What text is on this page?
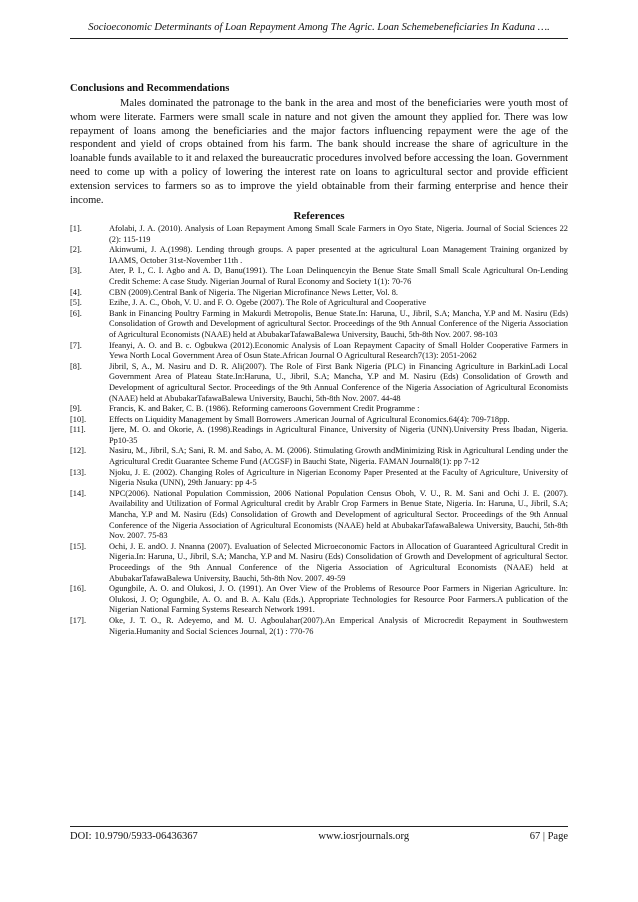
Socioeconomic Determinants of Loan Repayment Among The Agric. Loan Schemebeneficiaries In Kaduna ….
Conclusions and Recommendations

Males dominated the patronage to the bank in the area and most of the beneficiaries were youth most of whom were literate. Farmers were small scale in nature and not given the amount they applied for. There was low repayment of loans among the beneficiaries and the major factors influencing repayment were the age of the respondent and yield of crops obtained from his farm. The bank should increase the share of agriculture in the loanable funds available to it and relaxed the bureaucratic procedures involved before accessing the loan. Government need to come up with a policy of lowering the interest rate on loans to agricultural sector and provide efficient extension services to farmers so as to improve the yield obtainable from their farming enterprise and hence their income.

References
[1].	Afolabi, J. A. (2010). Analysis of Loan Repayment Among Small Scale Farmers in Oyo State, Nigeria. Journal of Social Sciences 22 (2): 115-119
[2].	Akinwumi, J. A.(1998). Lending through groups. A paper presented at the agricultural Loan Management Training organized by IAAMS, October 31st-November 11th .
[3].	Ater, P. I., C. I. Agbo and A. D, Banu(1991). The Loan Delinquencyin the Benue State Small Small Scale Agricultural On-Lending Credit Scheme: A case Study. Nigerian Journal of Rural Economy and Society 1(1): 70-76
[4].	CBN (2009).Central Bank of Nigeria. The Nigerian Microfinance News Letter, Vol. 8.
[5].	Ezihe, J. A. C., Oboh, V. U. and F. O. Ogebe (2007). The Role of Agricultural and Cooperative
[6].	Bank in Financing Poultry Farming in Makurdi Metropolis, Benue State.In: Haruna, U., Jibril, S.A; Mancha, Y.P and M. Nasiru (Eds) Consolidation of Growth and Development of agricultural Sector. Proceedings of the 9th Annual Conference of the Nigeria Association of Agricultural Economists (NAAE) held at AbubakarTafawaBalewa University, Bauchi, 5th-8th Nov. 2007. 98-103
[7].	Ifeanyi, A. O. and B. c. Ogbukwa (2012).Economic Analysis of Loan Repayment Capacity of Small Holder Cooperative Farmers in Yewa North Local Government Area of Osun State.African Journal O Agricultural Research7(13): 2051-2062
[8].	Jibril, S, A., M. Nasiru and D. R. Ali(2007). The Role of First Bank Nigeria (PLC) in Financing Agriculture in BarkinLadi Local Government Area of Plateau State.In:Haruna, U., Jibril, S.A; Mancha, Y.P and M. Nasiru (Eds) Consolidation of Growth and Development of agricultural Sector. Proceedings of the 9th Annual Conference of the Nigeria Association of Agricultural Economists (NAAE) held at AbubakarTafawaBalewa University, Bauchi, 5th-8th Nov. 2007. 44-48
[9].	Francis, K. and Baker, C. B. (1986). Reforming cameroons Government Credit Programme :
[10].	Effects on Liquidity Management by Small Borrowers .American Journal of Agricultural Economics.64(4): 709-718pp.
[11].	Ijere, M. O. and Okorie, A. (1998).Readings in Agricultural Finance, University of Nigeria (UNN).University Press Ibadan, Nigeria. Pp10-35
[12].	Nasiru, M., Jibril, S.A; Sani, R. M. and Sabo, A. M. (2006). Stimulating Growth andMinimizing Risk in Agricultural Lending under the Agricultural Credit Guarantee Scheme Fund (ACGSF) in Bauchi State, Nigeria. FAMAN Journal8(1): pp 7-12
[13].	Njoku, J. E. (2002). Changing Roles of Agriculture in Nigerian Economy Paper Presented at the Faculty of Agriculture, University of Nigeria Nsuka (UNN), 29th January: pp 4-5
[14].	NPC(2006). National Population Commission, 2006 National Population Census Oboh, V. U., R. M. Sani and Ochi J. E. (2007). Availability and Utilization of Formal Agricultural credit by Arablr Crop Farmers in Benue State, Nigeria. In: Haruna, U., Jibril, S.A; Mancha, Y.P and M. Nasiru (Eds) Consolidation of Growth and Development of agricultural Sector. Proceedings of the 9th Annual Conference of the Nigeria Association of Agricultural Economists (NAAE) held at AbubakarTafawaBalewa University, Bauchi, 5th-8th Nov. 2007. 75-83
[15].	Ochi, J. E. andO. J. Nnanna (2007). Evaluation of Selected Microeconomic Factors in Allocation of Guaranteed Agricultural Credit in Nigeria.In: Haruna, U., Jibril, S.A; Mancha, Y.P and M. Nasiru (Eds) Consolidation of Growth and Development of agricultural Sector. Proceedings of the 9th Annual Conference of the Nigeria Association of Agricultural Economists (NAAE) held at AbubakarTafawaBalewa University, Bauchi, 5th-8th Nov. 2007. 49-59
[16].	Ogungbile, A. O. and Olukosi, J. O. (1991). An Over View of the Problems of Resource Poor Farmers in Nigerian Agriculture. In: Olukosi, J. O; Ogungbile, A. O. and B. A. Kalu (Eds.). Appropriate Technologies for Resource Poor Farmers.A publication of the Nigerian National Farming Systems Research Network 1991.
[17].	Oke, J. T. O., R. Adeyemo, and M. U. Agboulahar(2007).An Emperical Analysis of Microcredit Repayment in Southwestern Nigeria.Humanity and Social Sciences Journal, 2(1) : 770-76
DOI: 10.9790/5933-06436367	www.iosrjournals.org	67 | Page
